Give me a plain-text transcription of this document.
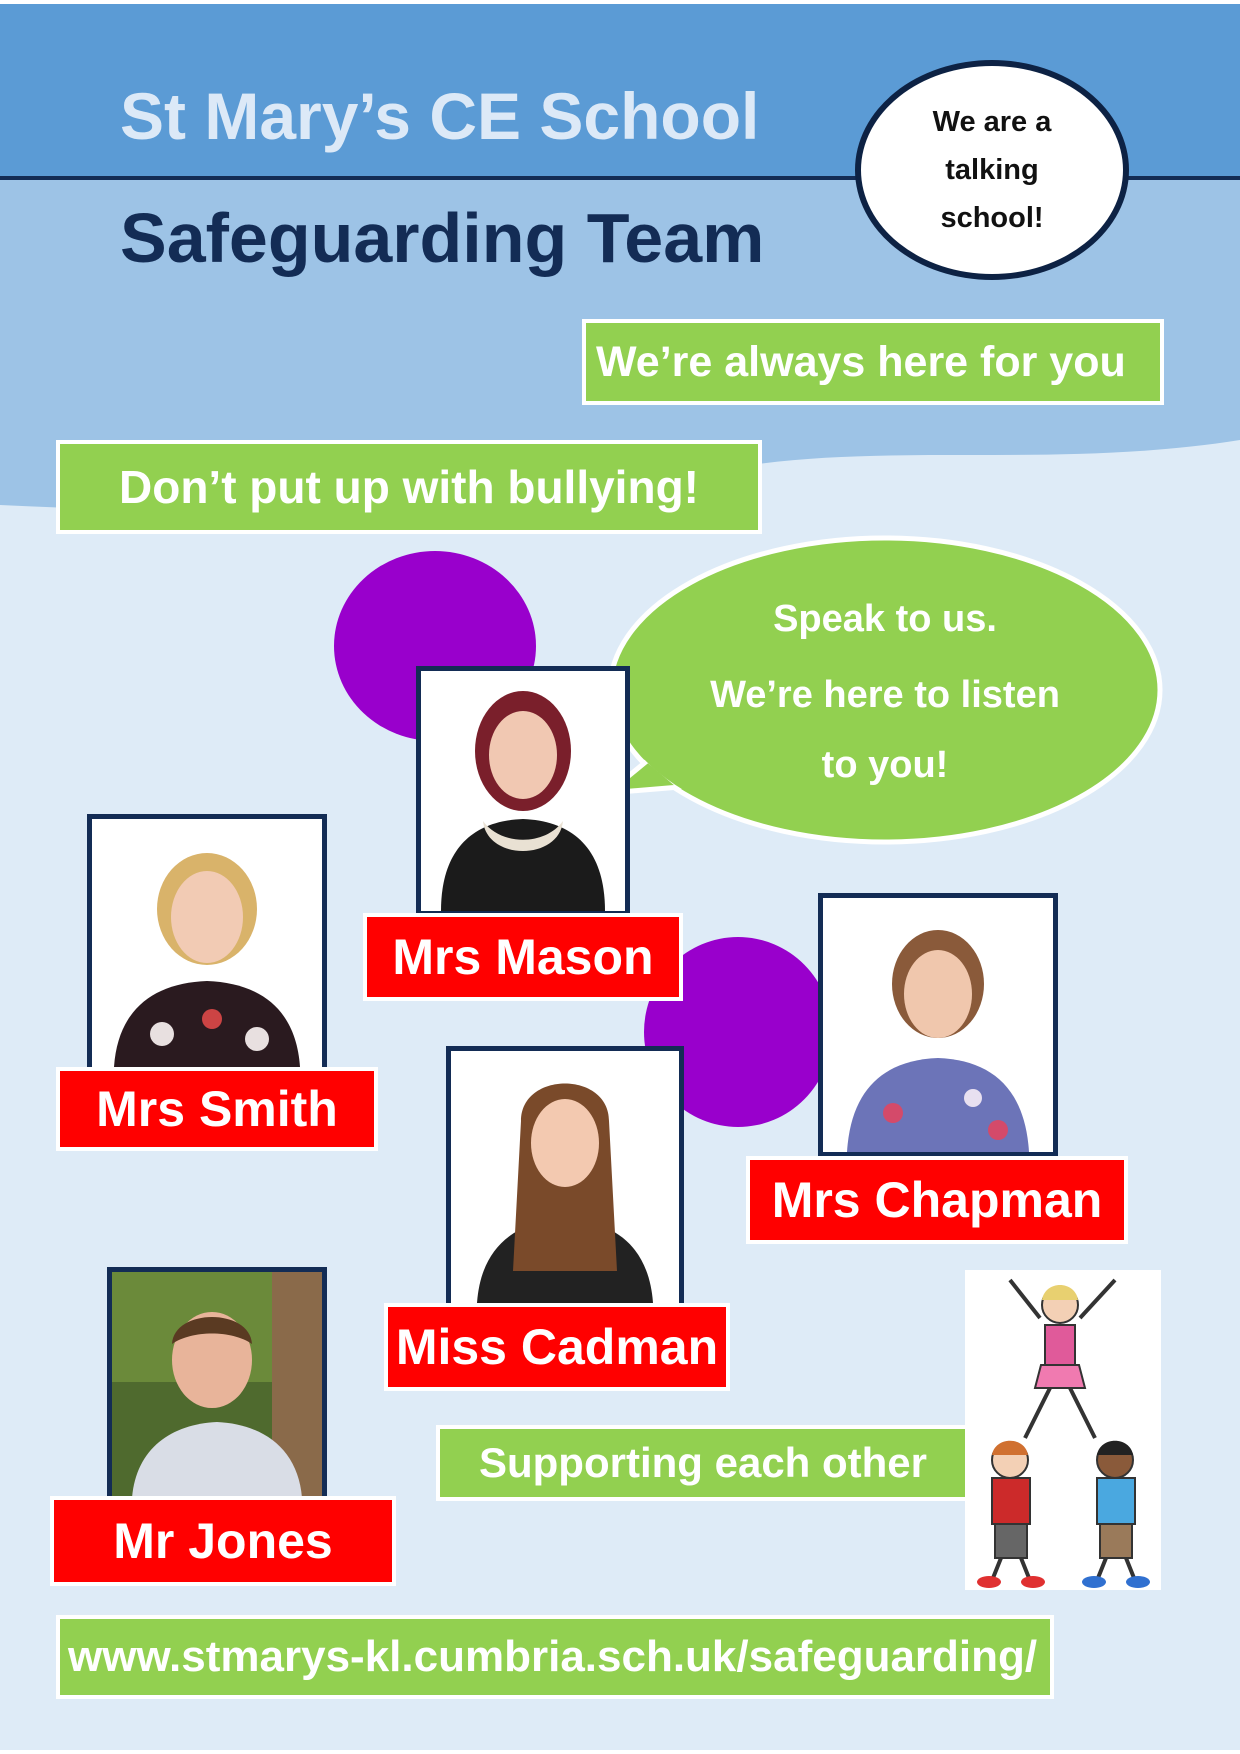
St Mary’s CE School
Safeguarding Team
We are a talking school!
We’re always here for you
Don’t put up with bullying!
Speak to us.
We’re here to listen to you!
Mrs Mason
Mrs Smith
Mrs Chapman
Miss Cadman
Mr Jones
Supporting each other
www.stmarys-kl.cumbria.sch.uk/safeguarding/
